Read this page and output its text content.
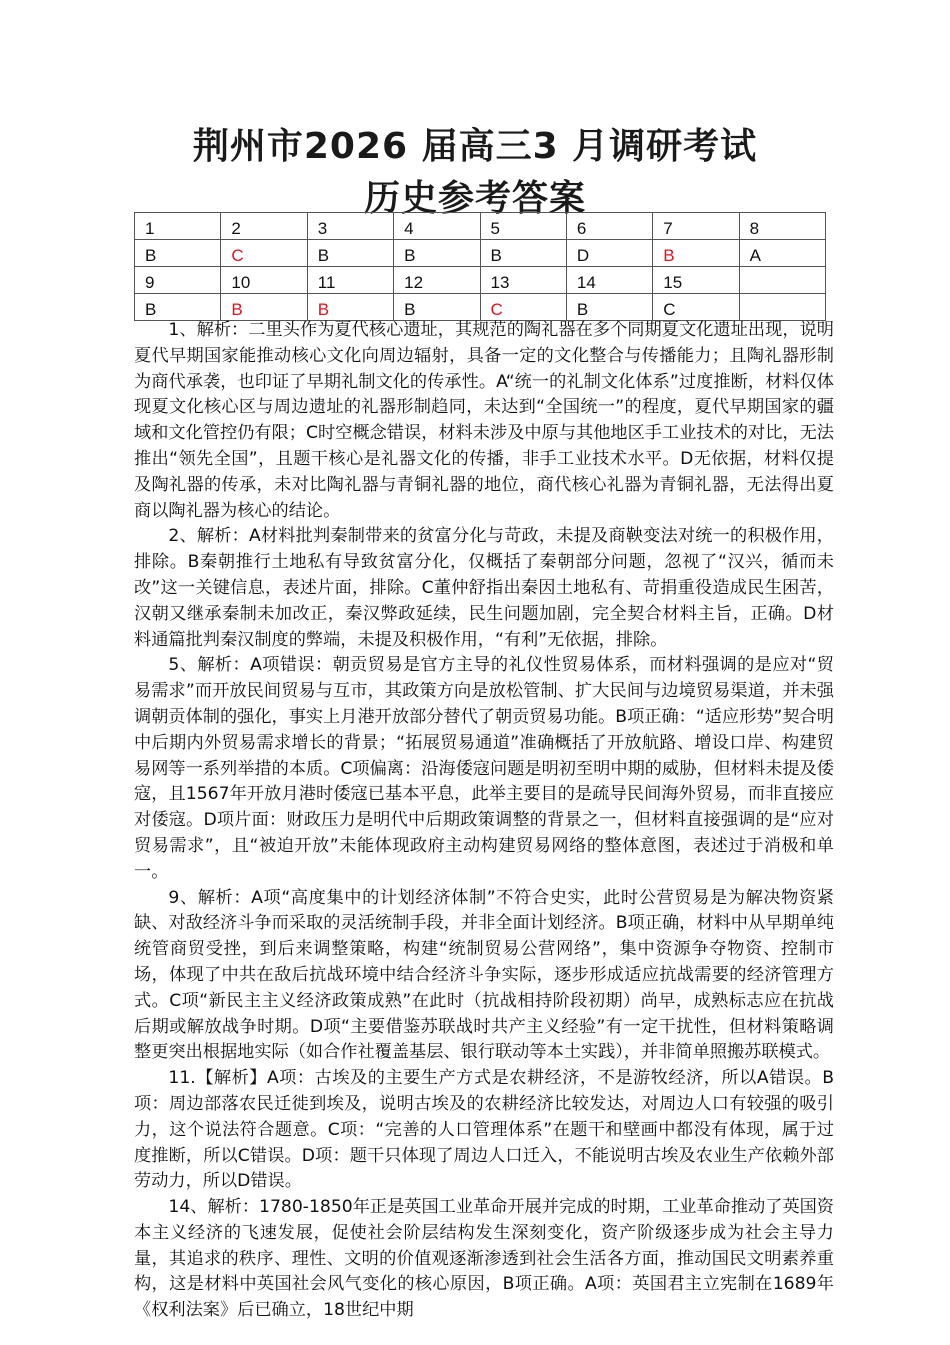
荆州市2026 届高三3 月调研考试
历史参考答案
1	2	3	4	5	6	7	8
B	C	B	B	B	D	B	A
9	10	11	12	13	14	15	
B	B	B	B	C	B	C	

1、解析：二里头作为夏代核心遗址，其规范的陶礼器在多个同期夏文化遗址出现，说明夏代早期国家能推动核心文化向周边辐射，具备一定的文化整合与传播能力；且陶礼器形制为商代承袭，也印证了早期礼制文化的传承性。A“统一的礼制文化体系”过度推断，材料仅体现夏文化核心区与周边遗址的礼器形制趋同，未达到“全国统一”的程度，夏代早期国家的疆域和文化管控仍有限；C时空概念错误，材料未涉及中原与其他地区手工业技术的对比，无法推出“领先全国”，且题干核心是礼器文化的传播，非手工业技术水平。D无依据，材料仅提及陶礼器的传承，未对比陶礼器与青铜礼器的地位，商代核心礼器为青铜礼器，无法得出夏商以陶礼器为核心的结论。

2、解析：A材料批判秦制带来的贫富分化与苛政，未提及商鞅变法对统一的积极作用，排除。B秦朝推行土地私有导致贫富分化，仅概括了秦朝部分问题，忽视了“汉兴，循而未改”这一关键信息，表述片面，排除。C董仲舒指出秦因土地私有、苛捐重役造成民生困苦，汉朝又继承秦制未加改正，秦汉弊政延续，民生问题加剧，完全契合材料主旨，正确。D材料通篇批判秦汉制度的弊端，未提及积极作用，“有利”无依据，排除。

5、解析：A项错误：朝贡贸易是官方主导的礼仪性贸易体系，而材料强调的是应对“贸易需求”而开放民间贸易与互市，其政策方向是放松管制、扩大民间与边境贸易渠道，并未强调朝贡体制的强化，事实上月港开放部分替代了朝贡贸易功能。B项正确：“适应形势”契合明中后期内外贸易需求增长的背景；“拓展贸易通道”准确概括了开放航路、增设口岸、构建贸易网等一系列举措的本质。C项偏离：沿海倭寇问题是明初至明中期的威胁，但材料未提及倭寇，且1567年开放月港时倭寇已基本平息，此举主要目的是疏导民间海外贸易，而非直接应对倭寇。D项片面：财政压力是明代中后期政策调整的背景之一，但材料直接强调的是“应对贸易需求”，且“被迫开放”未能体现政府主动构建贸易网络的整体意图，表述过于消极和单一。

9、解析：A项“高度集中的计划经济体制”不符合史实，此时公营贸易是为解决物资紧缺、对敌经济斗争而采取的灵活统制手段，并非全面计划经济。B项正确，材料中从早期单纯统管商贸受挫，到后来调整策略，构建“统制贸易公营网络”，集中资源争夺物资、控制市场，体现了中共在敌后抗战环境中结合经济斗争实际，逐步形成适应抗战需要的经济管理方式。C项“新民主主义经济政策成熟”在此时（抗战相持阶段初期）尚早，成熟标志应在抗战后期或解放战争时期。D项“主要借鉴苏联战时共产主义经验”有一定干扰性，但材料策略调整更突出根据地实际（如合作社覆盖基层、银行联动等本土实践），并非简单照搬苏联模式。

11.【解析】A项：古埃及的主要生产方式是农耕经济，不是游牧经济，所以A错误。B项：周边部落农民迁徙到埃及，说明古埃及的农耕经济比较发达，对周边人口有较强的吸引力，这个说法符合题意。C项：“完善的人口管理体系”在题干和壁画中都没有体现，属于过度推断，所以C错误。D项：题干只体现了周边人口迁入，不能说明古埃及农业生产依赖外部劳动力，所以D错误。

14、解析：1780-1850年正是英国工业革命开展并完成的时期，工业革命推动了英国资本主义经济的飞速发展，促使社会阶层结构发生深刻变化，资产阶级逐步成为社会主导力量，其追求的秩序、理性、文明的价值观逐渐渗透到社会生活各方面，推动国民文明素养重构，这是材料中英国社会风气变化的核心原因，B项正确。A项：英国君主立宪制在1689年《权利法案》后已确立，18世纪中期
